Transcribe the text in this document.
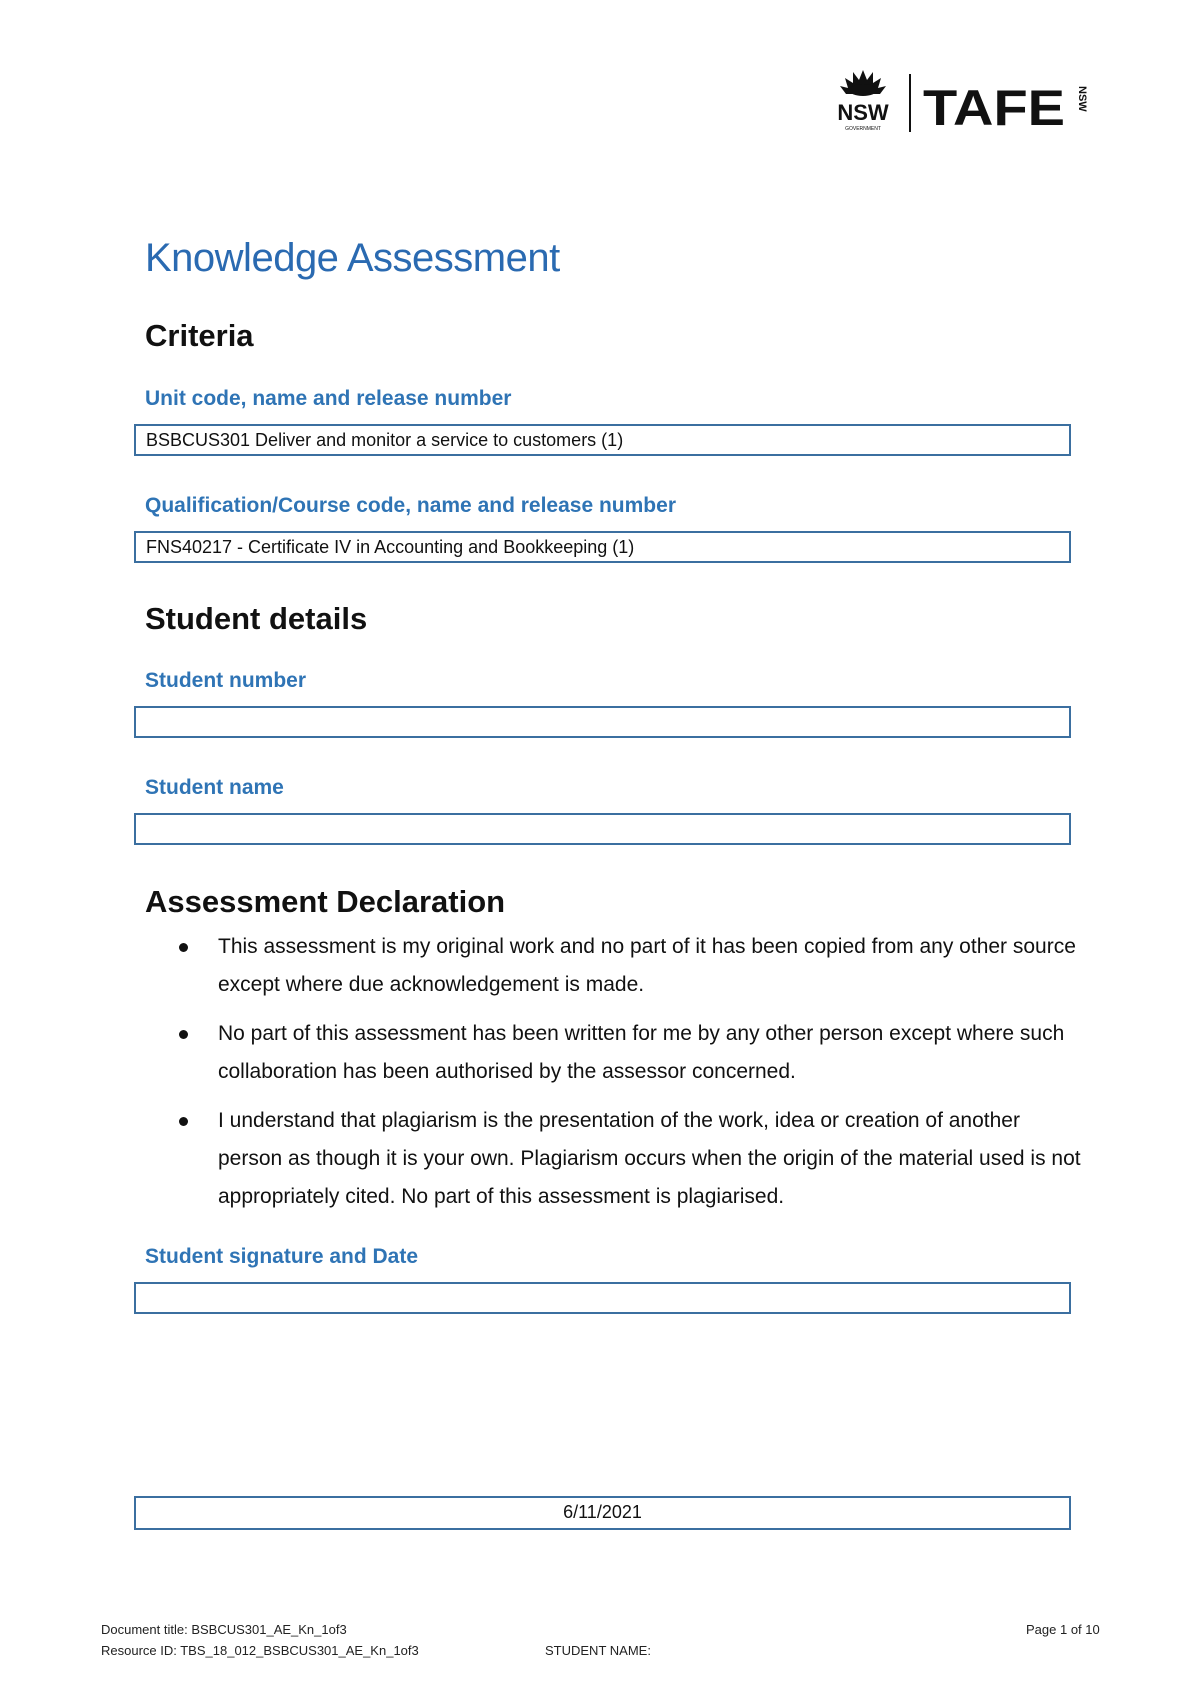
NSW
GOVERNMENT TAFE NSW
Knowledge Assessment
Criteria
Unit code, name and release number
BSBCUS301 Deliver and monitor a service to customers (1)
Qualification/Course code, name and release number
FNS40217 - Certificate IV in Accounting and Bookkeeping (1)
Student details
Student number
Student name
Assessment Declaration
This assessment is my original work and no part of it has been copied from any other source except where due acknowledgement is made.
No part of this assessment has been written for me by any other person except where such collaboration has been authorised by the assessor concerned.
I understand that plagiarism is the presentation of the work, idea or creation of another person as though it is your own. Plagiarism occurs when the origin of the material used is not appropriately cited. No part of this assessment is plagiarised.
Student signature and Date
6/11/2021
Document title: BSBCUS301_AE_Kn_1of3
Resource ID: TBS_18_012_BSBCUS301_AE_Kn_1of3	STUDENT NAME:
Page 1 of 10
